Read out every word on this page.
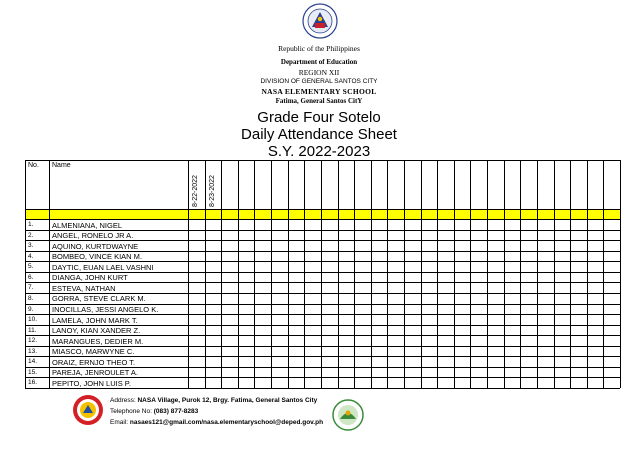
Republic of the Philippines
Department of Education
REGION XII
DIVISION OF GENERAL SANTOS CITY
NASA ELEMENTARY SCHOOL
Fatima, General Santos CitY
Grade Four Sotelo
Daily Attendance Sheet
S.Y. 2022-2023
No. Name
8-22-2022 8-23-2022
1. ALMENIANA, NIGEL
2. ANGEL, RONELO JR A.
3. AQUINO, KURTDWAYNE
4. BOMBEO, VINCE KIAN M.
5. DAYTIC, EUAN LAEL VASHNI
6. DIANGA, JOHN KURT
7. ESTEVA, NATHAN
8. GORRA, STEVE CLARK M.
9. INOCILLAS, JESSI ANGELO K.
10. LAMELA, JOHN MARK T.
11. LANOY, KIAN XANDER Z.
12. MARANGUES, DEDIER M.
13. MIASCO, MARWYNE C.
14. ORAIZ, ERNJO THEO T.
15. PAREJA, JENROULET A.
16. PEPITO, JOHN LUIS P.
Address: NASA Village, Purok 12, Brgy. Fatima, General Santos City
Telephone No: (083) 877-8283
Email: nasaes121@gmail.com/nasa.elementaryschool@deped.gov.ph
